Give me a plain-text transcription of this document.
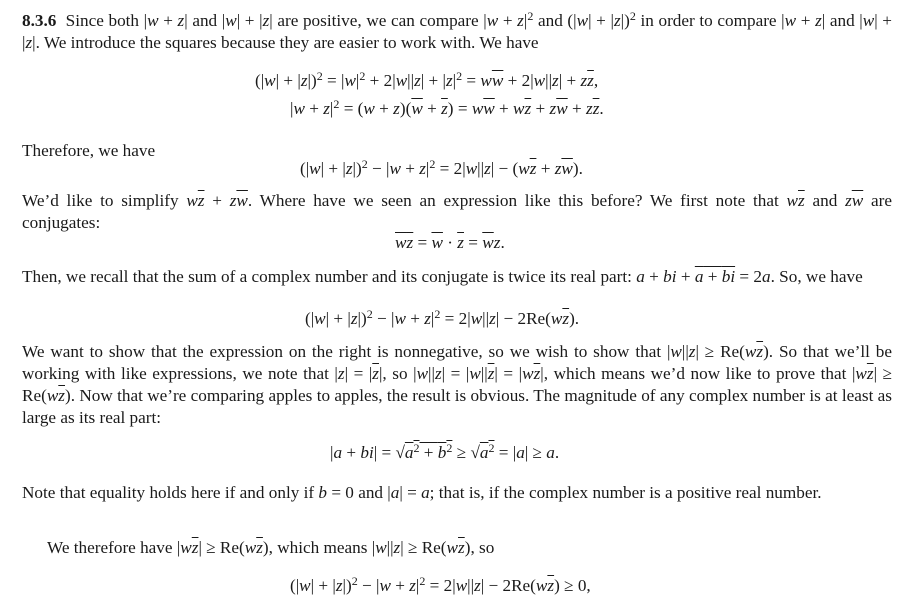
8.3.6  Since both |w + z| and |w| + |z| are positive, we can compare $|w + z|^2$ and $(|w| + |z|)^2$ in order to compare |w + z| and |w| + |z|. We introduce the squares because they are easier to work with. We have

$(|w| + |z|)^2 = |w|^2 + 2|w||z| + |z|^2 = w\overline{w} + 2|w||z| + z\overline{z}$,
$|w + z|^2 = (w + z)(\overline{w} + \overline{z}) = w\overline{w} + w\overline{z} + z\overline{w} + z\overline{z}$.

Therefore, we have

$(|w| + |z|)^2 - |w + z|^2 = 2|w||z| - (w\overline{z} + z\overline{w})$.

We’d like to simplify $w\overline{z} + z\overline{w}$. Where have we seen an expression like this before? We first note that $w\overline{z}$ and $z\overline{w}$ are conjugates:

wz = $\overline{w} \cdot z = \overline{w}z$.

Then, we recall that the sum of a complex number and its conjugate is twice its real part: a + bi + a + bi = 2a. So, we have

$(|w| + |z|)^2 - |w + z|^2 = 2|w||z| - 2Re(w\overline{z})$.

We want to show that the expression on the right is nonnegative, so we wish to show that $|w||z| \ge Re(w\overline{z})$. So that we’ll be working with like expressions, we note that $|z| = |\overline{z}|$, so $|w||z| = |w||\overline{z}| = |w\overline{z}|$, which means we’d now like to prove that $|w\overline{z}| \ge Re(w\overline{z})$. Now that we’re comparing apples to apples, the result is obvious. The magnitude of any complex number is at least as large as its real part:

$|a + bi| = √a^2 + b^2 \ge √a^2 = |a| \ge a$.

Note that equality holds here if and only if b = 0 and |a| = a; that is, if the complex number is a positive real number.

We therefore have $|w\overline{z}| \ge Re(w\overline{z})$, which means $|w||z| \ge Re(w\overline{z})$, so

$(|w| + |z|)^2 - |w + z|^2 = 2|w||z| - 2Re(w\overline{z}) \ge 0$,
